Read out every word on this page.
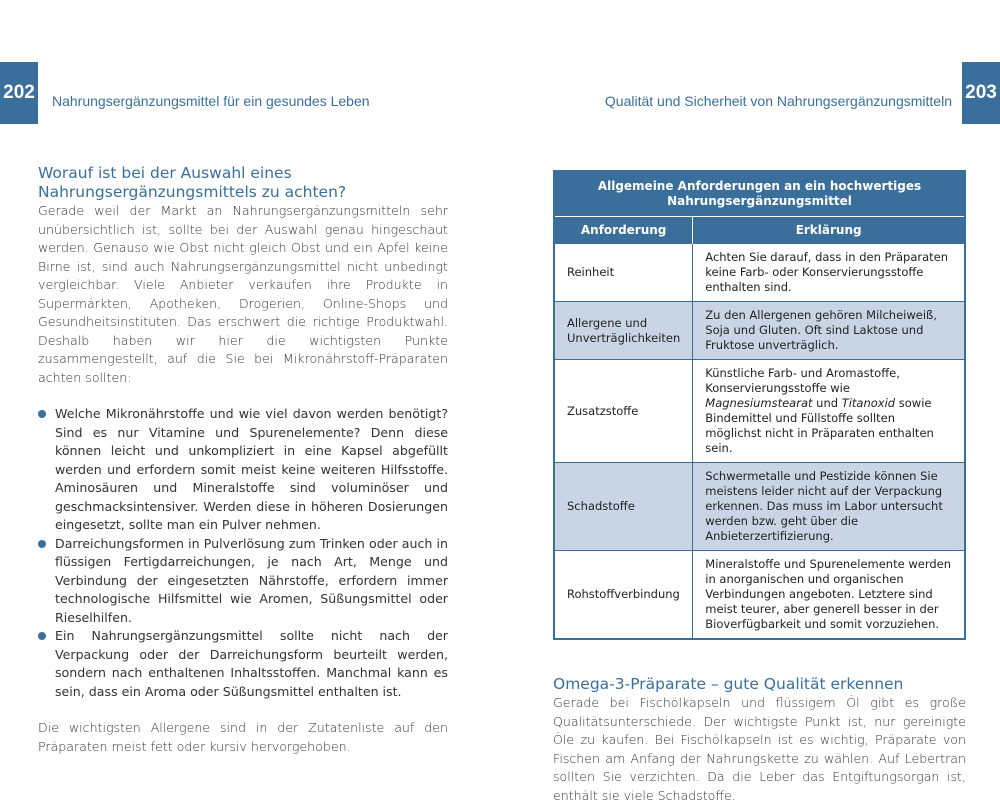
202 Nahrungsergänzungsmittel für ein gesundes Leben	Qualität und Sicherheit von Nahrungsergänzungsmitteln 203
Worauf ist bei der Auswahl eines Nahrungsergänzungsmittels zu achten?

Gerade weil der Markt an Nahrungsergänzungsmitteln sehr unübersichtlich ist, sollte bei der Auswahl genau hingeschaut werden. Genauso wie Obst nicht gleich Obst und ein Apfel keine Birne ist, sind auch Nahrungsergänzungsmittel nicht unbedingt vergleichbar. Viele Anbieter verkaufen ihre Produkte in Supermärkten, Apotheken, Drogerien, Online-Shops und Gesundheitsinstituten. Das erschwert die richtige Produktwahl. Deshalb haben wir hier die wichtigsten Punkte zusammengestellt, auf die Sie bei Mikronährstoff-Präparaten achten sollten:

Welche Mikronährstoffe und wie viel davon werden benötigt? Sind es nur Vitamine und Spurenelemente? Denn diese können leicht und unkompliziert in eine Kapsel abgefüllt werden und erfordern somit meist keine weiteren Hilfsstoffe. Aminosäuren und Mineralstoffe sind voluminöser und geschmacksintensiver. Werden diese in höheren Dosierungen eingesetzt, sollte man ein Pulver nehmen.
Darreichungsformen in Pulverlösung zum Trinken oder auch in flüssigen Fertigdarreichungen, je nach Art, Menge und Verbindung der eingesetzten Nährstoffe, erfordern immer technologische Hilfsmittel wie Aromen, Süßungsmittel oder Rieselhilfen.
Ein Nahrungsergänzungsmittel sollte nicht nach der Verpackung oder der Darreichungsform beurteilt werden, sondern nach enthaltenen Inhaltsstoffen. Manchmal kann es sein, dass ein Aroma oder Süßungsmittel enthalten ist.

Die wichtigsten Allergene sind in der Zutatenliste auf den Präparaten meist fett oder kursiv hervorgehoben.

Allgemeine Anforderungen an ein hochwertiges Nahrungsergänzungsmittel	
Anforderung	Erklärung
Reinheit	Achten Sie darauf, dass in den Präparaten keine Farb- oder Konservierungsstoffe enthalten sind.
Allergene und Unverträglichkeiten	Zu den Allergenen gehören Milcheiweiß, Soja und Gluten. Oft sind Laktose und Fruktose unverträglich.
Zusatzstoffe	Künstliche Farb- und Aromastoffe, Konservierungsstoffe wie Magnesiumstearat und Titanoxid sowie Bindemittel und Füllstoffe sollten möglichst nicht in Präparaten enthalten sein.
Schadstoffe	Schwermetalle und Pestizide können Sie meistens leider nicht auf der Verpackung erkennen. Das muss im Labor untersucht werden bzw. geht über die Anbieterzertifizierung.
Rohstoffverbindung	Mineralstoffe und Spurenelemente werden in anorganischen und organischen Verbindungen angeboten. Letztere sind meist teurer, aber generell besser in der Bioverfügbarkeit und somit vorzuziehen.
Omega-3-Präparate – gute Qualität erkennen

Gerade bei Fischölkapseln und flüssigem Öl gibt es große Qualitätsunterschiede. Der wichtigste Punkt ist, nur gereinigte Öle zu kaufen. Bei Fischölkapseln ist es wichtig, Präparate von Fischen am Anfang der Nahrungskette zu wählen. Auf Lebertran sollten Sie verzichten. Da die Leber das Entgiftungsorgan ist, enthält sie viele Schadstoffe.
